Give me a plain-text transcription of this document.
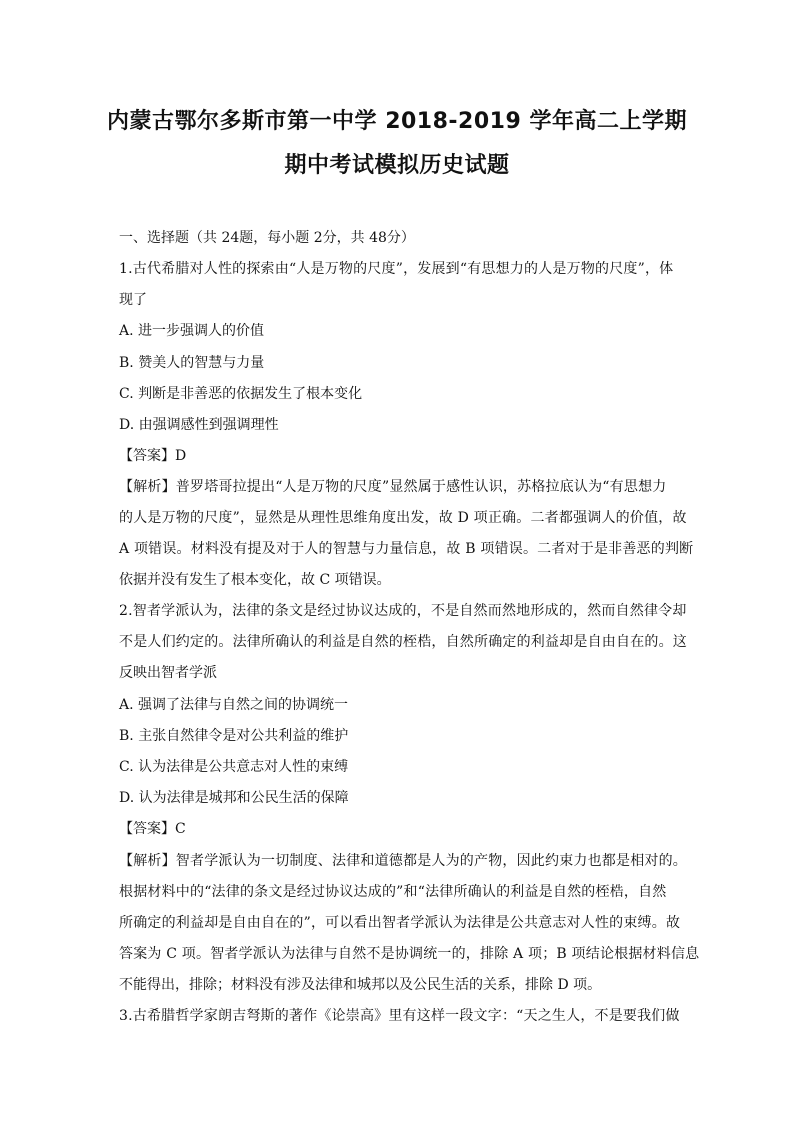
内蒙古鄂尔多斯市第一中学 2018-2019 学年高二上学期
期中考试模拟历史试题
一、选择题（共 24题，每小题 2分，共 48分）
1.古代希腊对人性的探索由“人是万物的尺度”，发展到“有思想力的人是万物的尺度”，体
现了
A. 进一步强调人的价值
B. 赞美人的智慧与力量
C. 判断是非善恶的依据发生了根本变化
D. 由强调感性到强调理性
【答案】D
【解析】普罗塔哥拉提出“人是万物的尺度”显然属于感性认识，苏格拉底认为“有思想力
的人是万物的尺度”，显然是从理性思维角度出发，故 D 项正确。二者都强调人的价值，故
A 项错误。材料没有提及对于人的智慧与力量信息，故 B 项错误。二者对于是非善恶的判断
依据并没有发生了根本变化，故 C 项错误。
2.智者学派认为，法律的条文是经过协议达成的，不是自然而然地形成的，然而自然律令却
不是人们约定的。法律所确认的利益是自然的桎梏，自然所确定的利益却是自由自在的。这
反映出智者学派
A. 强调了法律与自然之间的协调统一
B. 主张自然律令是对公共利益的维护
C. 认为法律是公共意志对人性的束缚
D. 认为法律是城邦和公民生活的保障
【答案】C
【解析】智者学派认为一切制度、法律和道德都是人为的产物，因此约束力也都是相对的。
根据材料中的“法律的条文是经过协议达成的”和“法律所确认的利益是自然的桎梏，自然
所确定的利益却是自由自在的”，可以看出智者学派认为法律是公共意志对人性的束缚。故
答案为 C 项。智者学派认为法律与自然不是协调统一的，排除 A 项；B 项结论根据材料信息
不能得出，排除；材料没有涉及法律和城邦以及公民生活的关系，排除 D 项。
3.古希腊哲学家朗吉弩斯的著作《论崇高》里有这样一段文字：“天之生人，不是要我们做
